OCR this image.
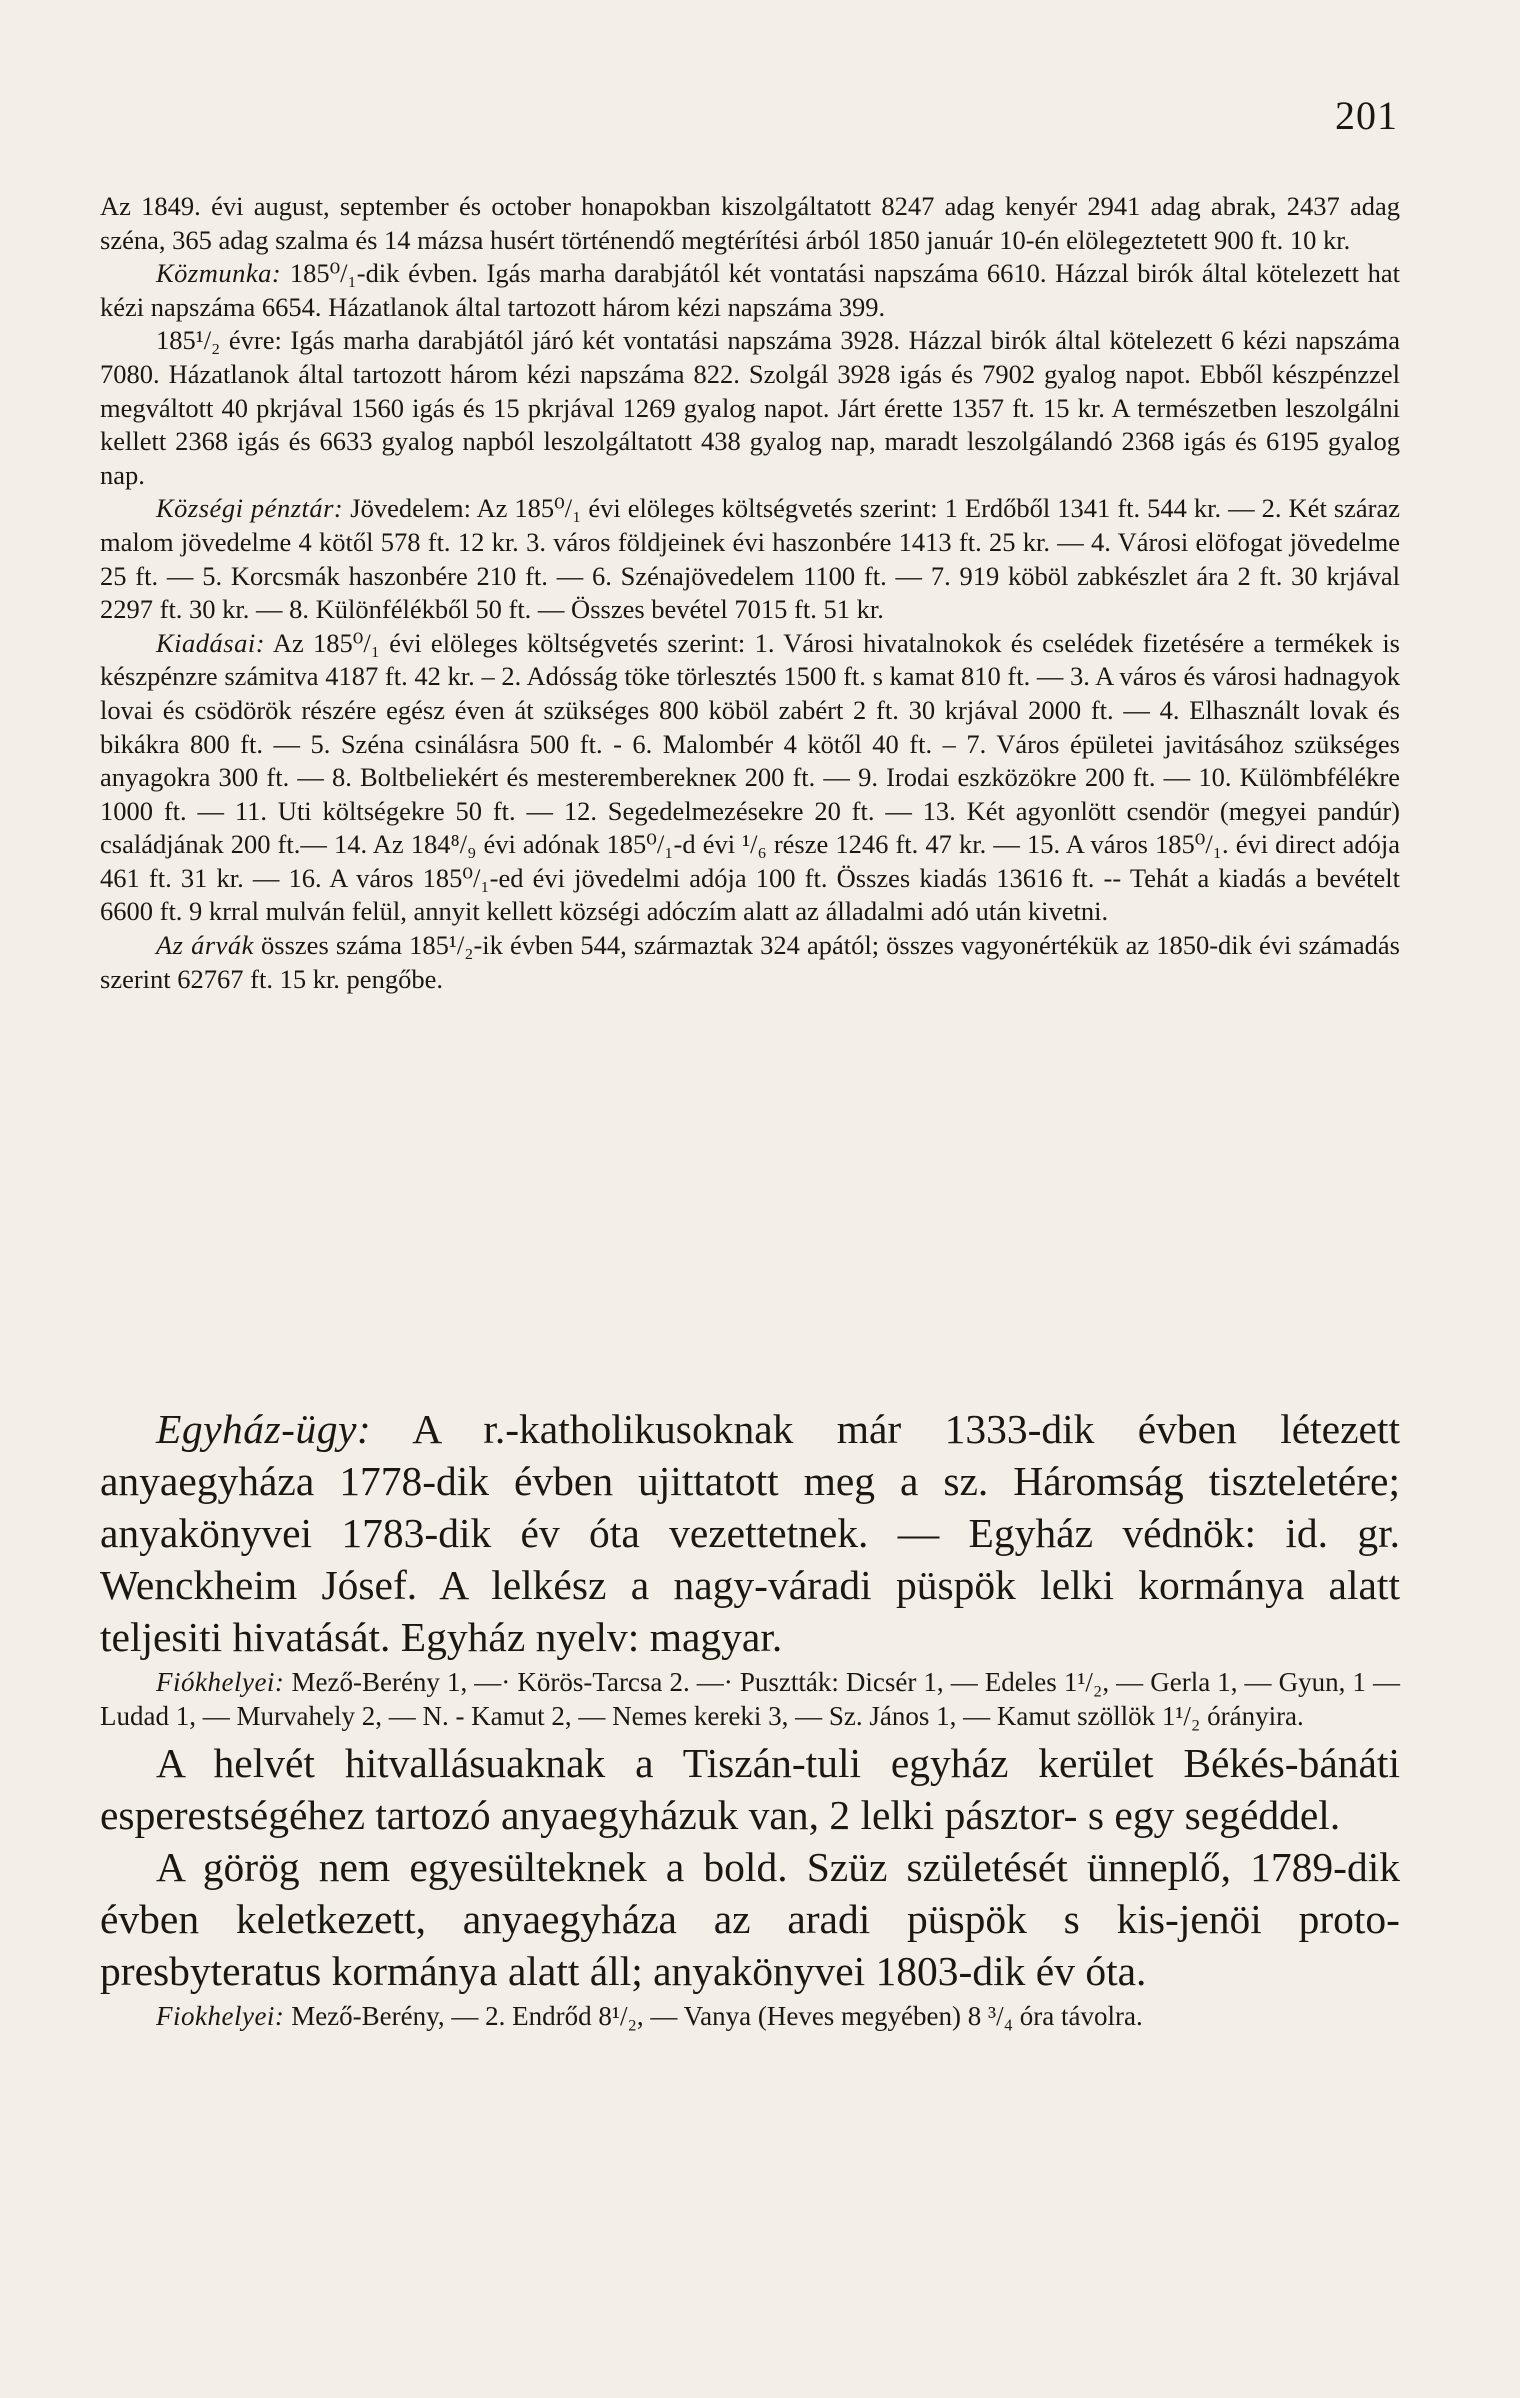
201

Az 1849. évi august, september és october honapokban kiszolgáltatott 8247 adag kenyér 2941 adag abrak, 2437 adag széna, 365 adag szalma és 14 mázsa husért történendő megtérítési árból 1850 január 10-én elölegeztetett 900 ft. 10 kr.

Közmunka: 185⁰/₁-dik évben. Igás marha darabjától két vontatási napszáma 6610. Házzal birók által kötelezett hat kézi napszáma 6654. Házatlanok által tartozott három kézi napszáma 399.

185¹/₂ évre: Igás marha darabjától járó két vontatási napszáma 3928. Házzal birók által kötelezett 6 kézi napszáma 7080. Házatlanok által tartozott három kézi napszáma 822. Szolgál 3928 igás és 7902 gyalog napot. Ebből készpénzzel megváltott 40 pkrjával 1560 igás és 15 pkrjával 1269 gyalog napot. Járt érette 1357 ft. 15 kr. A természetben leszolgálni kellett 2368 igás és 6633 gyalog napból leszolgáltatott 438 gyalog nap, maradt leszolgálandó 2368 igás és 6195 gyalog nap.

Községi pénztár: Jövedelem: Az 185⁰/₁ évi elöleges költségvetés szerint: 1 Erdőből 1341 ft. 544 kr. — 2. Két száraz malom jövedelme 4 kötől 578 ft. 12 kr. 3. város földjeinek évi haszonbére 1413 ft. 25 kr. — 4. Városi elöfogat jövedelme 25 ft. — 5. Korcsmák haszonbére 210 ft. — 6. Szénajövedelem 1100 ft. — 7. 919 köböl zabkészlet ára 2 ft. 30 krjával 2297 ft. 30 kr. — 8. Különfélékből 50 ft. — Összes bevétel 7015 ft. 51 kr.

Kiadásai: Az 185⁰/₁ évi elöleges költségvetés szerint: 1. Városi hivatalnokok és cselédek fizetésére a termékek is készpénzre számitva 4187 ft. 42 kr. – 2. Adósság töke törlesztés 1500 ft. s kamat 810 ft. — 3. A város és városi hadnagyok lovai és csödörök részére egész éven át szükséges 800 köböl zabért 2 ft. 30 krjával 2000 ft. — 4. Elhasznált lovak és bikákra 800 ft. — 5. Széna csinálásra 500 ft. - 6. Malombér 4 kötől 40 ft. – 7. Város épületei javitásához szükséges anyagokra 300 ft. — 8. Boltbeliekért és mesteremberekneк 200 ft. — 9. Irodai eszközökre 200 ft. — 10. Külömbfélékre 1000 ft. — 11. Uti költségekre 50 ft. — 12. Segedelmezésekre 20 ft. — 13. Két agyonlött csendör (megyei pandúr) családjának 200 ft.— 14. Az 184⁸/₉ évi adónak 185⁰/₁-d évi ¹/₆ része 1246 ft. 47 kr. — 15. A város 185⁰/₁. évi direct adója 461 ft. 31 kr. — 16. A város 185⁰/₁-ed évi jövedelmi adója 100 ft. Összes kiadás 13616 ft. -- Tehát a kiadás a bevételt 6600 ft. 9 krral mulván felül, annyit kellett községi adóczím alatt az álladalmi adó után kivetni.

Az árvák összes száma 185¹/₂-ik évben 544, származtak 324 apától; összes vagyonértékük az 1850-dik évi számadás szerint 62767 ft. 15 kr. pengőbe.

Egyház-ügy: A r.-katholikusoknak már 1333-dik évben létezett anyaegyháza 1778-dik évben ujittatott meg a sz. Háromság tiszteletére; anyakönyvei 1783-dik év óta vezettetnek. — Egyház védnök: id. gr. Wenckheim Jósef. A lelkész a nagy-váradi püspök lelki kormánya alatt teljesiti hivatását. Egyház nyelv: magyar.

Fiókhelyei: Mező-Berény 1, —· Körös-Tarcsa 2. —· Pusztták: Dicsér 1, — Edeles 1¹/₂, — Gerla 1, — Gyun, 1 — Ludad 1, — Murvahely 2, — N. - Kamut 2, — Nemes kereki 3, — Sz. János 1, — Kamut szöllök 1¹/₂ órányira.

A helvét hitvallásuaknak a Tiszán-tuli egyház kerület Békés-bánáti esperestségéhez tartozó anyaegyházuk van, 2 lelki pásztor- s egy segéddel.

A görög nem egyesülteknek a bold. Szüz születését ünneplő, 1789-dik évben keletkezett, anyaegyháza az aradi püspök s kis-jenöi proto-presbyteratus kormánya alatt áll; anyakönyvei 1803-dik év óta.

Fiokhelyei: Mező-Berény, — 2. Endrőd 8¹/₂, — Vanya (Heves megyében) 8 ³/₄ óra távolra.
